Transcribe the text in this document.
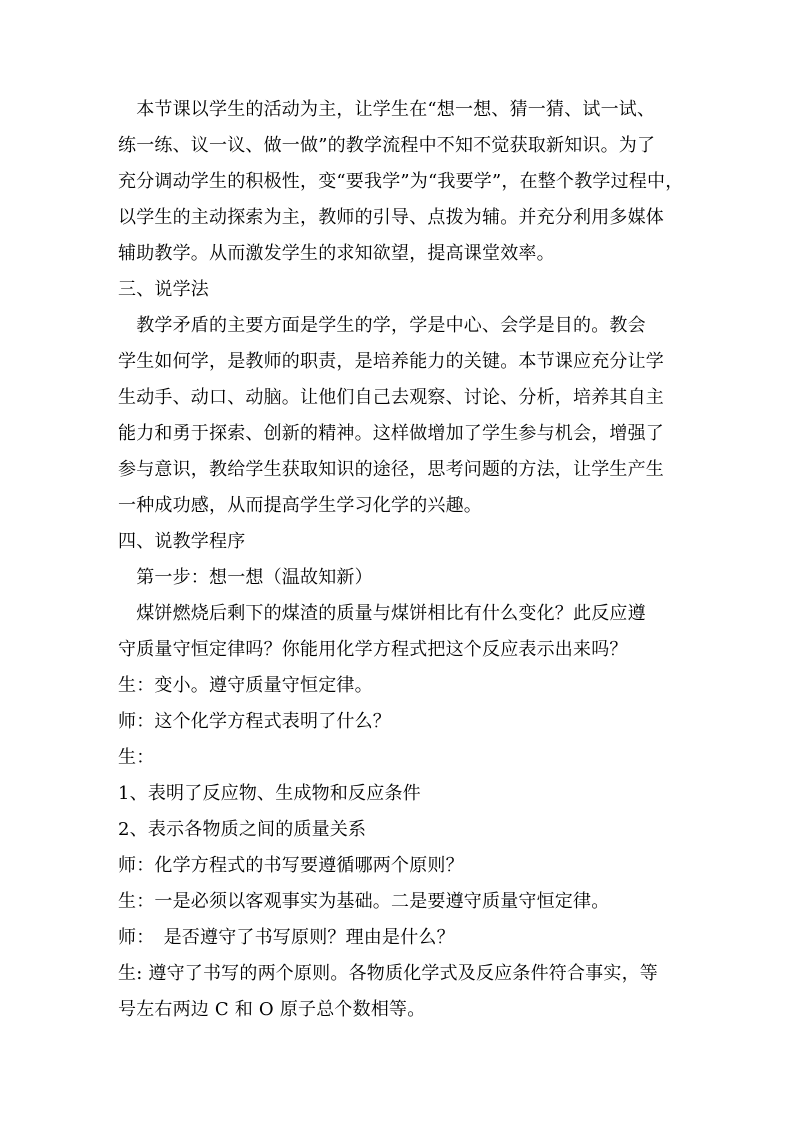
　本节课以学生的活动为主，让学生在“想一想、猜一猜、试一试、
练一练、议一议、做一做”的教学流程中不知不觉获取新知识。为了
充分调动学生的积极性，变“要我学”为“我要学”，在整个教学过程中，
以学生的主动探索为主，教师的引导、点拨为辅。并充分利用多媒体
辅助教学。从而激发学生的求知欲望，提高课堂效率。
三、说学法
　教学矛盾的主要方面是学生的学，学是中心、会学是目的。教会
学生如何学，是教师的职责，是培养能力的关键。本节课应充分让学
生动手、动口、动脑。让他们自己去观察、讨论、分析，培养其自主
能力和勇于探索、创新的精神。这样做增加了学生参与机会，增强了
参与意识，教给学生获取知识的途径，思考问题的方法，让学生产生
一种成功感，从而提高学生学习化学的兴趣。
四、说教学程序
　第一步：想一想（温故知新）
　煤饼燃烧后剩下的煤渣的质量与煤饼相比有什么变化？此反应遵
守质量守恒定律吗？你能用化学方程式把这个反应表示出来吗？
生：变小。遵守质量守恒定律。
师：这个化学方程式表明了什么？
生：
1、表明了反应物、生成物和反应条件
2、表示各物质之间的质量关系
师：化学方程式的书写要遵循哪两个原则？
生：一是必须以客观事实为基础。二是要遵守质量守恒定律。
师：　是否遵守了书写原则？理由是什么？
生: 遵守了书写的两个原则。各物质化学式及反应条件符合事实，等
号左右两边 C 和 O 原子总个数相等。
